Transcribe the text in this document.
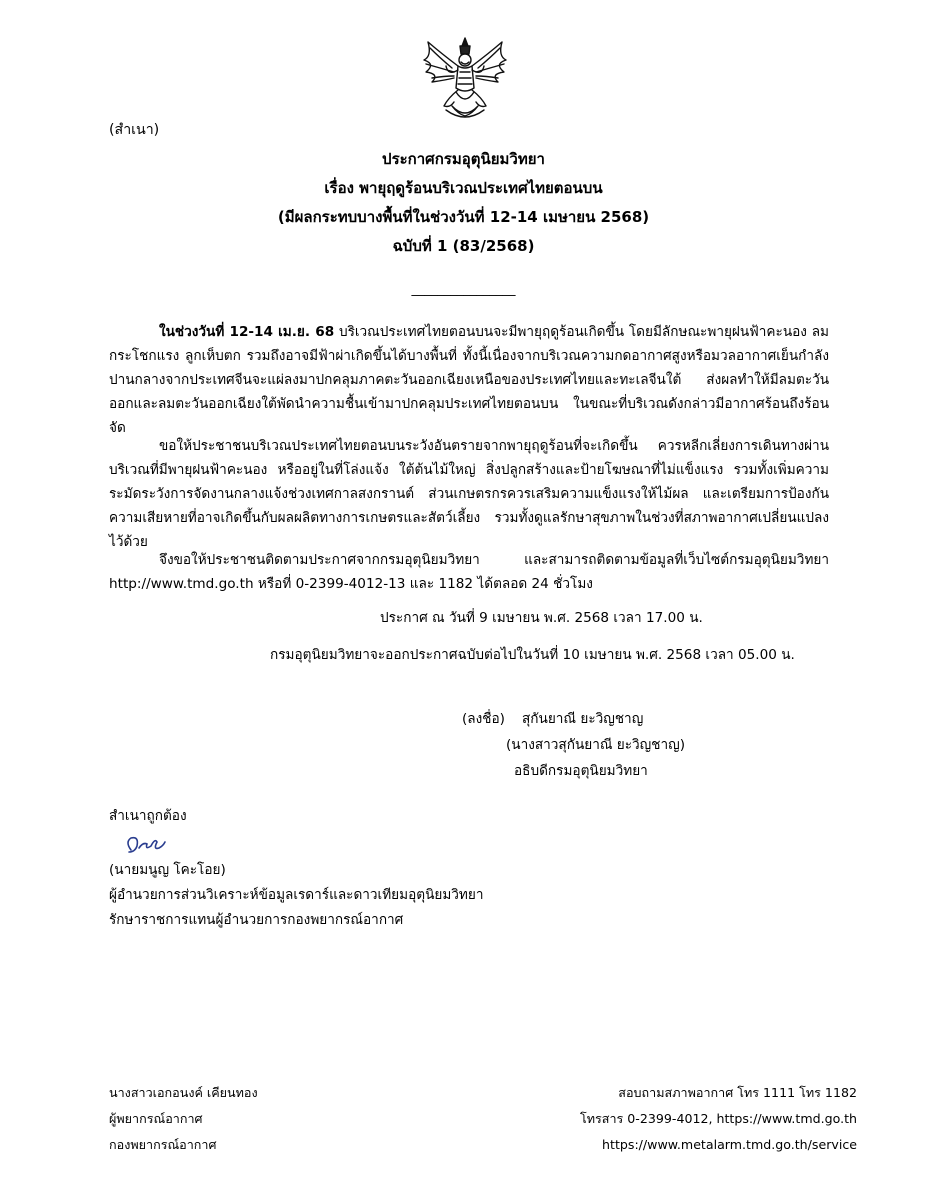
(สำเนา)
ประกาศกรมอุตุนิยมวิทยา
เรื่อง พายุฤดูร้อนบริเวณประเทศไทยตอนบน
(มีผลกระทบบางพื้นที่ในช่วงวันที่ 12-14 เมษายน 2568)
ฉบับที่ 1 (83/2568)
________________
ในช่วงวันที่ 12-14 เม.ย. 68 บริเวณประเทศไทยตอนบนจะมีพายุฤดูร้อนเกิดขึ้น โดยมีลักษณะพายุฝนฟ้าคะนอง ลมกระโชกแรง ลูกเห็บตก รวมถึงอาจมีฟ้าผ่าเกิดขึ้นได้บางพื้นที่ ทั้งนี้เนื่องจากบริเวณความกดอากาศสูงหรือมวลอากาศเย็นกำลังปานกลางจากประเทศจีนจะแผ่ลงมาปกคลุมภาคตะวันออกเฉียงเหนือของประเทศไทยและทะเลจีนใต้ ส่งผลทำให้มีลมตะวันออกและลมตะวันออกเฉียงใต้พัดนำความชื้นเข้ามาปกคลุมประเทศไทยตอนบน ในขณะที่บริเวณดังกล่าวมีอากาศร้อนถึงร้อนจัด
ขอให้ประชาชนบริเวณประเทศไทยตอนบนระวังอันตรายจากพายุฤดูร้อนที่จะเกิดขึ้น ควรหลีกเลี่ยงการเดินทางผ่านบริเวณที่มีพายุฝนฟ้าคะนอง หรืออยู่ในที่โล่งแจ้ง ใต้ต้นไม้ใหญ่ สิ่งปลูกสร้างและป้ายโฆษณาที่ไม่แข็งแรง รวมทั้งเพิ่มความระมัดระวังการจัดงานกลางแจ้งช่วงเทศกาลสงกรานต์ ส่วนเกษตรกรควรเสริมความแข็งแรงให้ไม้ผล และเตรียมการป้องกันความเสียหายที่อาจเกิดขึ้นกับผลผลิตทางการเกษตรและสัตว์เลี้ยง รวมทั้งดูแลรักษาสุขภาพในช่วงที่สภาพอากาศเปลี่ยนแปลงไว้ด้วย
จึงขอให้ประชาชนติดตามประกาศจากกรมอุตุนิยมวิทยา และสามารถติดตามข้อมูลที่เว็บไซต์กรมอุตุนิยมวิทยา http://www.tmd.go.th หรือที่ 0-2399-4012-13 และ 1182 ได้ตลอด 24 ชั่วโมง
ประกาศ ณ วันที่ 9 เมษายน พ.ศ. 2568 เวลา 17.00 น.
กรมอุตุนิยมวิทยาจะออกประกาศฉบับต่อไปในวันที่ 10 เมษายน พ.ศ. 2568 เวลา 05.00 น.
(ลงชื่อ)	สุกันยาณี ยะวิญชาญ
(นางสาวสุกันยาณี ยะวิญชาญ)
อธิบดีกรมอุตุนิยมวิทยา
สำเนาถูกต้อง
(นายมนูญ โคะโอย)
ผู้อำนวยการส่วนวิเคราะห์ข้อมูลเรดาร์และดาวเทียมอุตุนิยมวิทยา
รักษาราชการแทนผู้อำนวยการกองพยากรณ์อากาศ
นางสาวเอกอนงค์ เคียนทอง
ผู้พยากรณ์อากาศ
กองพยากรณ์อากาศ
สอบถามสภาพอากาศ โทร 1111 โทร 1182
โทรสาร 0-2399-4012, https://www.tmd.go.th
https://www.metalarm.tmd.go.th/service
